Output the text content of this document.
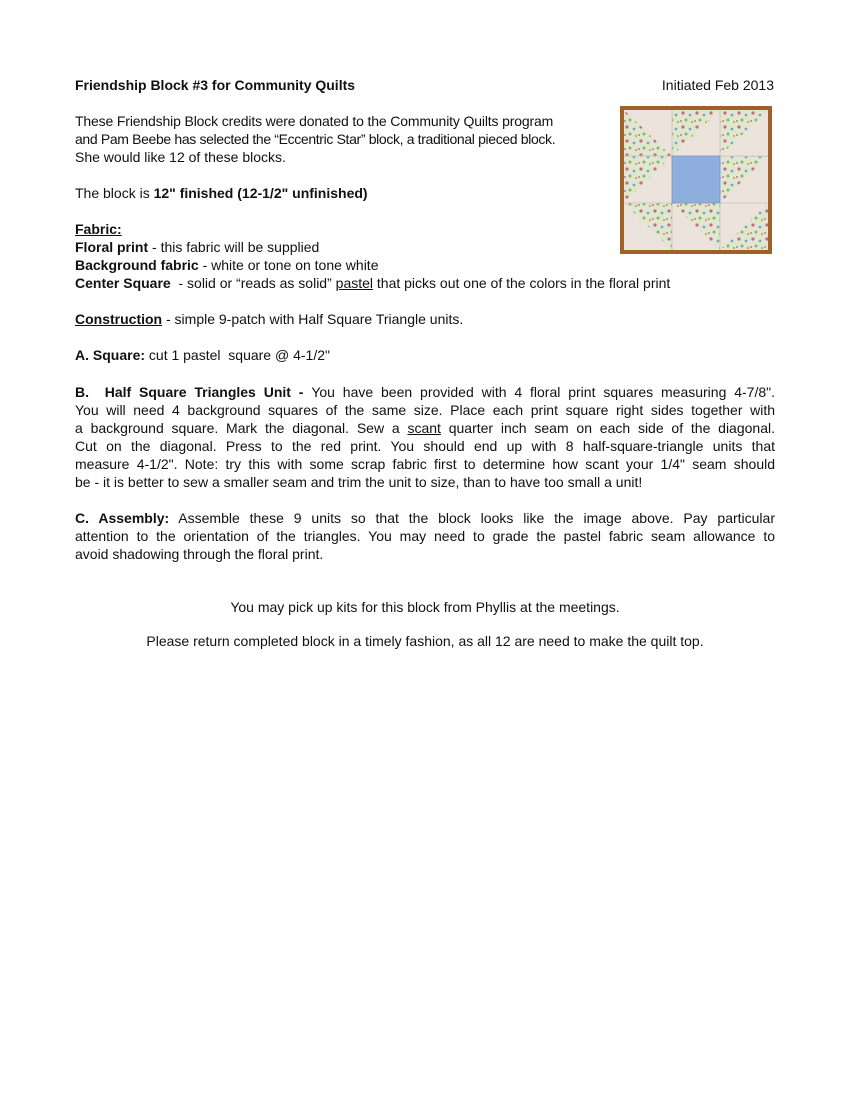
Friendship Block #3 for Community Quilts	Initiated Feb 2013
These Friendship Block credits were donated to the Community Quilts program
and Pam Beebe has selected the “Eccentric Star” block, a traditional pieced block.
She would like 12 of these blocks.
The block is 12" finished (12-1/2" unfinished)
Fabric:
Floral print - this fabric will be supplied
Background fabric - white or tone on tone white
Center Square  - solid or “reads as solid” pastel that picks out one of the colors in the floral print
Construction - simple 9-patch with Half Square Triangle units.
A. Square: cut 1 pastel  square @ 4-1/2"
B.  Half Square Triangles Unit - You have been provided with 4 floral print squares measuring 4-7/8".
You will need 4 background squares of the same size. Place each print square right sides together with
a background square. Mark the diagonal. Sew a scant quarter inch seam on each side of the diagonal.
Cut on the diagonal. Press to the red print. You should end up with 8 half-square-triangle units that
measure 4-1/2". Note: try this with some scrap fabric first to determine how scant your 1/4" seam should
be - it is better to sew a smaller seam and trim the unit to size, than to have too small a unit!
C. Assembly: Assemble these 9 units so that the block looks like the image above. Pay particular
attention to the orientation of the triangles. You may need to grade the pastel fabric seam allowance to
avoid shadowing through the floral print.
You may pick up kits for this block from Phyllis at the meetings.
Please return completed block in a timely fashion, as all 12 are need to make the quilt top.
